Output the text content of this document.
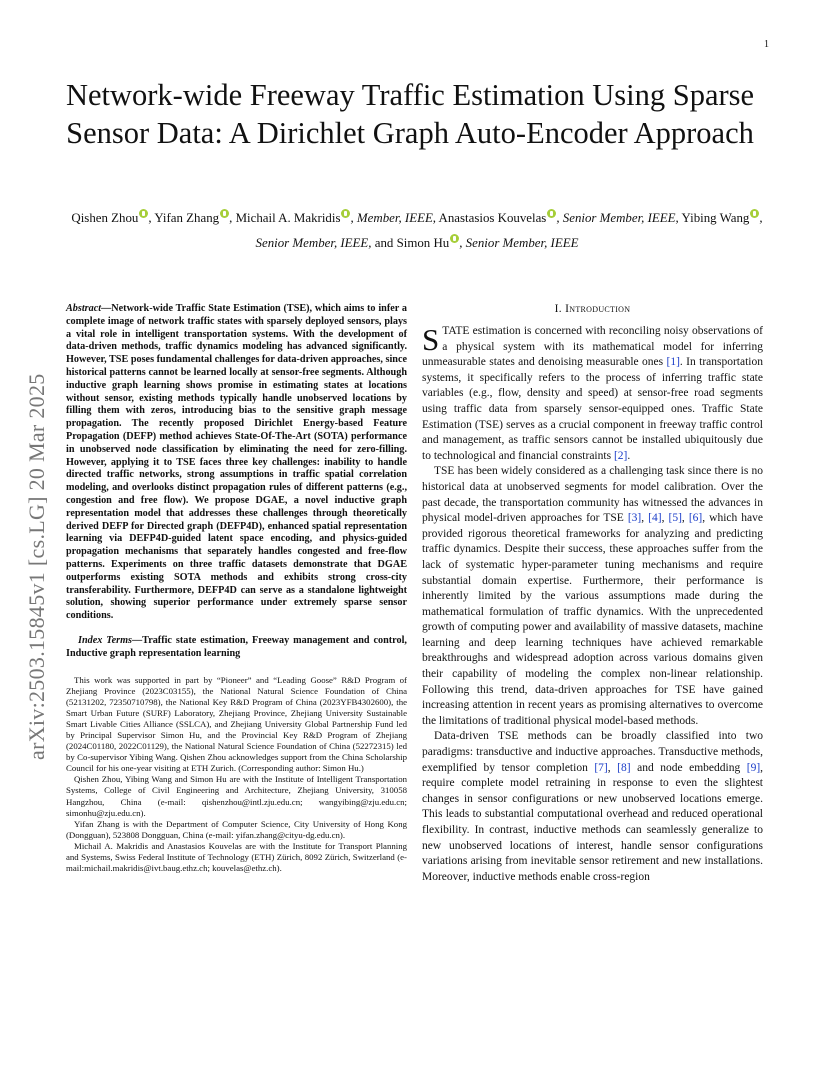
1
Network-wide Freeway Traffic Estimation Using Sparse Sensor Data: A Dirichlet Graph Auto-Encoder Approach
Qishen Zhou , Yifan Zhang , Michail A. Makridis , Member, IEEE, Anastasios Kouvelas , Senior Member, IEEE, Yibing Wang , Senior Member, IEEE, and Simon Hu , Senior Member, IEEE
arXiv:2503.15845v1 [cs.LG] 20 Mar 2025

Abstract—Network-wide Traffic State Estimation (TSE), which aims to infer a complete image of network traffic states with sparsely deployed sensors, plays a vital role in intelligent transportation systems. With the development of data-driven methods, traffic dynamics modeling has advanced significantly. However, TSE poses fundamental challenges for data-driven approaches, since historical patterns cannot be learned locally at sensor-free segments. Although inductive graph learning shows promise in estimating states at locations without sensor, existing methods typically handle unobserved locations by filling them with zeros, introducing bias to the sensitive graph message propagation. The recently proposed Dirichlet Energy-based Feature Propagation (DEFP) method achieves State-Of-The-Art (SOTA) performance in unobserved node classification by eliminating the need for zero-filling. However, applying it to TSE faces three key challenges: inability to handle directed traffic networks, strong assumptions in traffic spatial correlation modeling, and overlooks distinct propagation rules of different patterns (e.g., congestion and free flow). We propose DGAE, a novel inductive graph representation model that addresses these challenges through theoretically derived DEFP for Directed graph (DEFP4D), enhanced spatial representation learning via DEFP4D-guided latent space encoding, and physics-guided propagation mechanisms that separately handles congested and free-flow patterns. Experiments on three traffic datasets demonstrate that DGAE outperforms existing SOTA methods and exhibits strong cross-city transferability. Furthermore, DEFP4D can serve as a standalone lightweight solution, showing superior performance under extremely sparse sensor conditions.

Index Terms—Traffic state estimation, Freeway management and control, Inductive graph representation learning

This work was supported in part by “Pioneer” and “Leading Goose” R&D Program of Zhejiang Province (2023C03155), the National Natural Science Foundation of China (52131202, 72350710798), the National Key R&D Program of China (2023YFB4302600), the Smart Urban Future (SURF) Laboratory, Zhejiang Province, Zhejiang University Sustainable Smart Livable Cities Alliance (SSLCA), and Zhejiang University Global Partnership Fund led by Principal Supervisor Simon Hu, and the Provincial Key R&D Program of Zhejiang (2024C01180, 2022C01129), the National Natural Science Foundation of China (52272315) led by Co-supervisor Yibing Wang. Qishen Zhou acknowledges support from the China Scholarship Council for his one-year visiting at ETH Zurich. (Corresponding author: Simon Hu.)

Qishen Zhou, Yibing Wang and Simon Hu are with the Institute of Intelligent Transportation Systems, College of Civil Engineering and Architecture, Zhejiang University, 310058 Hangzhou, China (e-mail: qishenzhou@intl.zju.edu.cn; wangyibing@zju.edu.cn; simonhu@zju.edu.cn).

Yifan Zhang is with the Department of Computer Science, City University of Hong Kong (Dongguan), 523808 Dongguan, China (e-mail: yifan.zhang@cityu-dg.edu.cn).

Michail A. Makridis and Anastasios Kouvelas are with the Institute for Transport Planning and Systems, Swiss Federal Institute of Technology (ETH) Zürich, 8092 Zürich, Switzerland (e-mail:michail.makridis@ivt.baug.ethz.ch; kouvelas@ethz.ch).

I. Introduction

STATE estimation is concerned with reconciling noisy observations of a physical system with its mathematical model for inferring unmeasurable states and denoising measurable ones [1]. In transportation systems, it specifically refers to the process of inferring traffic state variables (e.g., flow, density and speed) at sensor-free road segments using traffic data from sparsely sensor-equipped ones. Traffic State Estimation (TSE) serves as a crucial component in freeway traffic control and management, as traffic sensors cannot be installed ubiquitously due to technological and financial constraints [2].

TSE has been widely considered as a challenging task since there is no historical data at unobserved segments for model calibration. Over the past decade, the transportation community has witnessed the advances in physical model-driven approaches for TSE [3], [4], [5], [6], which have provided rigorous theoretical frameworks for analyzing and predicting traffic dynamics. Despite their success, these approaches suffer from the lack of systematic hyper-parameter tuning mechanisms and require substantial domain expertise. Furthermore, their performance is inherently limited by the various assumptions made during the mathematical formulation of traffic dynamics. With the unprecedented growth of computing power and availability of massive datasets, machine learning and deep learning techniques have achieved remarkable breakthroughs and widespread adoption across various domains given their capability of modeling the complex non-linear relationship. Following this trend, data-driven approaches for TSE have gained increasing attention in recent years as promising alternatives to overcome the limitations of traditional physical model-based methods.

Data-driven TSE methods can be broadly classified into two paradigms: transductive and inductive approaches. Transductive methods, exemplified by tensor completion [7], [8] and node embedding [9], require complete model retraining in response to even the slightest changes in sensor configurations or new unobserved locations emerge. This leads to substantial computational overhead and reduced operational flexibility. In contrast, inductive methods can seamlessly generalize to new unobserved locations of interest, handle sensor configurations variations arising from inevitable sensor retirement and new installations. Moreover, inductive methods enable cross-region
